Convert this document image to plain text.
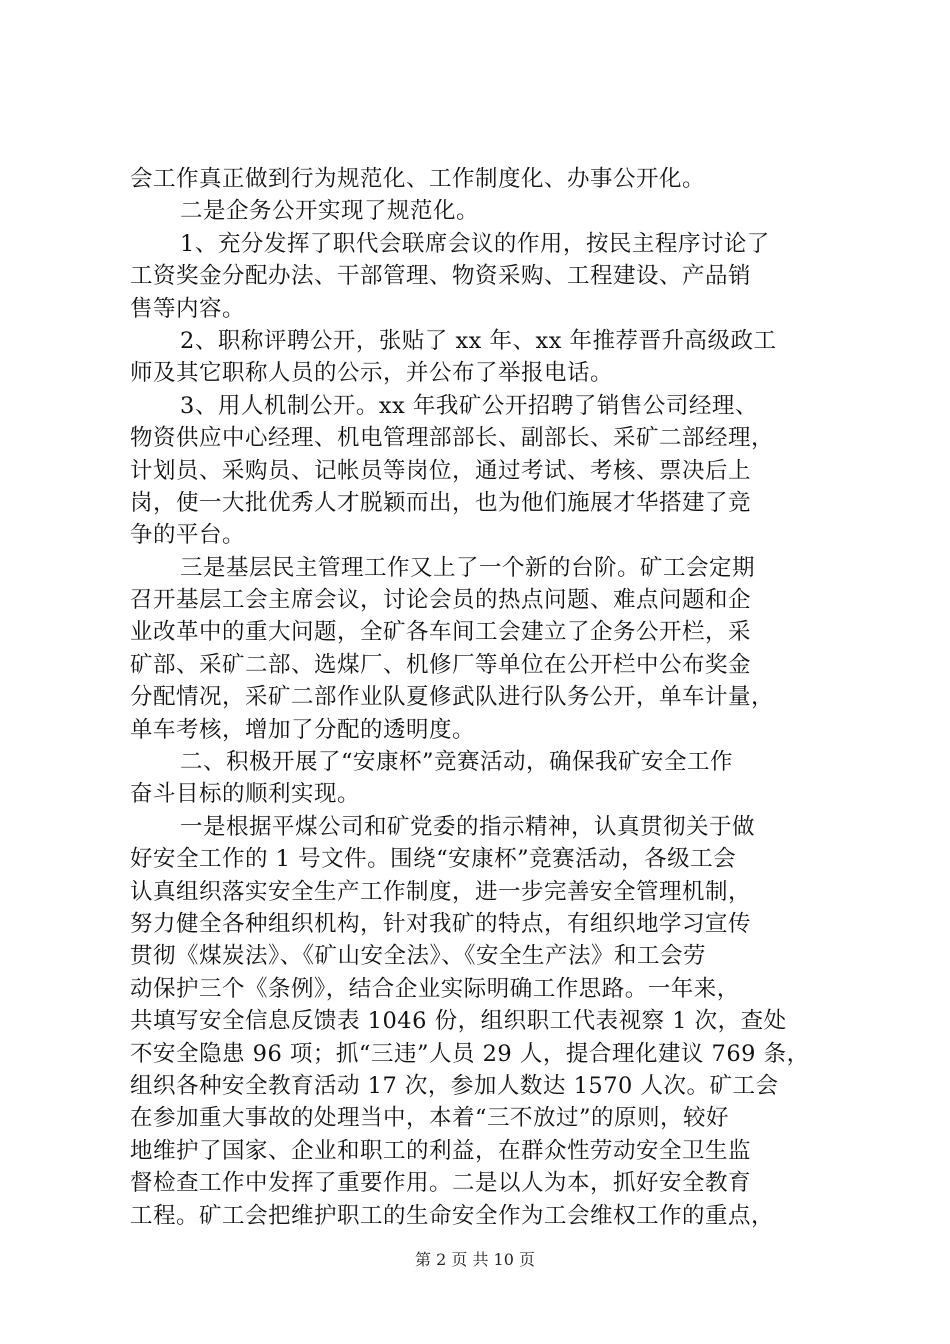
会工作真正做到行为规范化、工作制度化、办事公开化。
二是企务公开实现了规范化。
1、充分发挥了职代会联席会议的作用，按民主程序讨论了
工资奖金分配办法、干部管理、物资采购、工程建设、产品销
售等内容。
2、职称评聘公开，张贴了 xx 年、xx 年推荐晋升高级政工
师及其它职称人员的公示，并公布了举报电话。
3、用人机制公开。xx 年我矿公开招聘了销售公司经理、
物资供应中心经理、机电管理部部长、副部长、采矿二部经理，
计划员、采购员、记帐员等岗位，通过考试、考核、票决后上
岗，使一大批优秀人才脱颖而出，也为他们施展才华搭建了竞
争的平台。
三是基层民主管理工作又上了一个新的台阶。矿工会定期
召开基层工会主席会议，讨论会员的热点问题、难点问题和企
业改革中的重大问题，全矿各车间工会建立了企务公开栏，采
矿部、采矿二部、选煤厂、机修厂等单位在公开栏中公布奖金
分配情况，采矿二部作业队夏修武队进行队务公开，单车计量，
单车考核，增加了分配的透明度。
二、积极开展了“安康杯”竞赛活动，确保我矿安全工作
奋斗目标的顺利实现。
一是根据平煤公司和矿党委的指示精神，认真贯彻关于做
好安全工作的 1 号文件。围绕“安康杯”竞赛活动，各级工会
认真组织落实安全生产工作制度，进一步完善安全管理机制，
努力健全各种组织机构，针对我矿的特点，有组织地学习宣传
贯彻《煤炭法》、《矿山安全法》、《安全生产法》和工会劳
动保护三个《条例》，结合企业实际明确工作思路。一年来，
共填写安全信息反馈表 1046 份，组织职工代表视察 1 次，查处
不安全隐患 96 项；抓“三违”人员 29 人，提合理化建议 769 条，
组织各种安全教育活动 17 次，参加人数达 1570 人次。矿工会
在参加重大事故的处理当中，本着“三不放过”的原则，较好
地维护了国家、企业和职工的利益，在群众性劳动安全卫生监
督检查工作中发挥了重要作用。二是以人为本，抓好安全教育
工程。矿工会把维护职工的生命安全作为工会维权工作的重点，
第 2 页 共 10 页
